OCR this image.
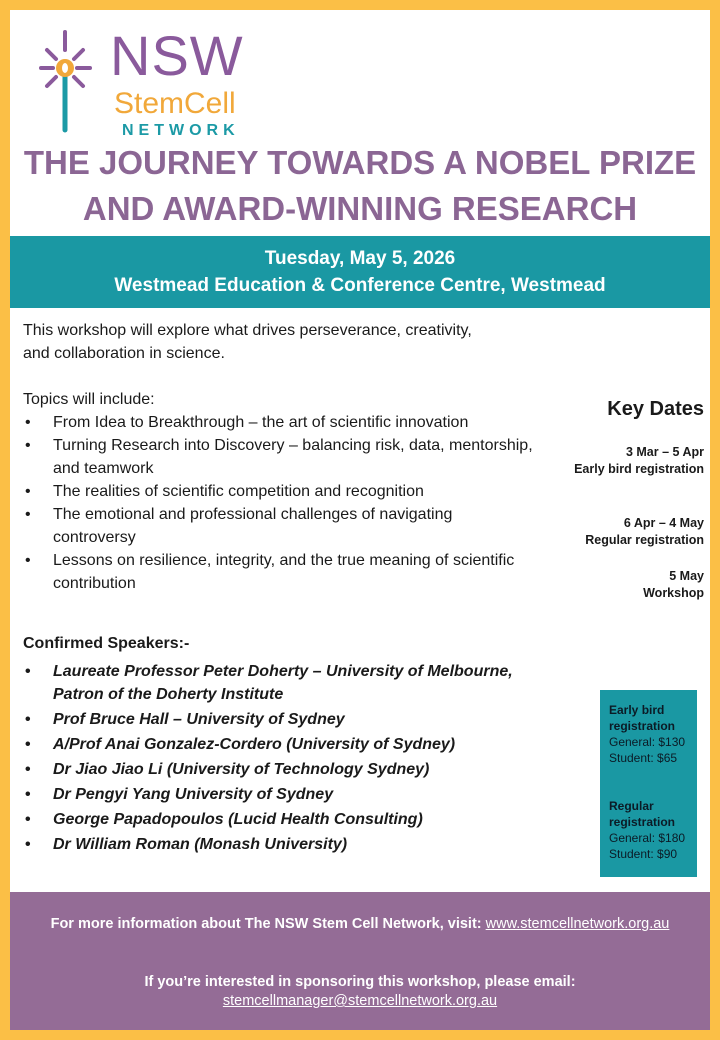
NSW
StemCell
NETWORK
THE JOURNEY TOWARDS A NOBEL PRIZE
AND AWARD-WINNING RESEARCH
Tuesday, May 5, 2026
Westmead Education & Conference Centre, Westmead
This workshop will explore what drives perseverance, creativity,
and collaboration in science.
Topics will include:
• From Idea to Breakthrough – the art of scientific innovation
• Turning Research into Discovery – balancing risk, data, mentorship, and teamwork
• The realities of scientific competition and recognition
• The emotional and professional challenges of navigating controversy
• Lessons on resilience, integrity, and the true meaning of scientific contribution
Key Dates
3 Mar – 5 Apr
Early bird registration
6 Apr – 4 May
Regular registration
5 May
Workshop
Confirmed Speakers:-
• Laureate Professor Peter Doherty – University of Melbourne, Patron of the Doherty Institute
• Prof Bruce Hall – University of Sydney
• A/Prof Anai Gonzalez-Cordero (University of Sydney)
• Dr Jiao Jiao Li (University of Technology Sydney)
• Dr Pengyi Yang University of Sydney
• George Papadopoulos (Lucid Health Consulting)
• Dr William Roman (Monash University)
Early bird registration
General: $130
Student: $65
Regular registration
General: $180
Student: $90
For more information about The NSW Stem Cell Network, visit: www.stemcellnetwork.org.au
If you’re interested in sponsoring this workshop, please email:
stemcellmanager@stemcellnetwork.org.au
